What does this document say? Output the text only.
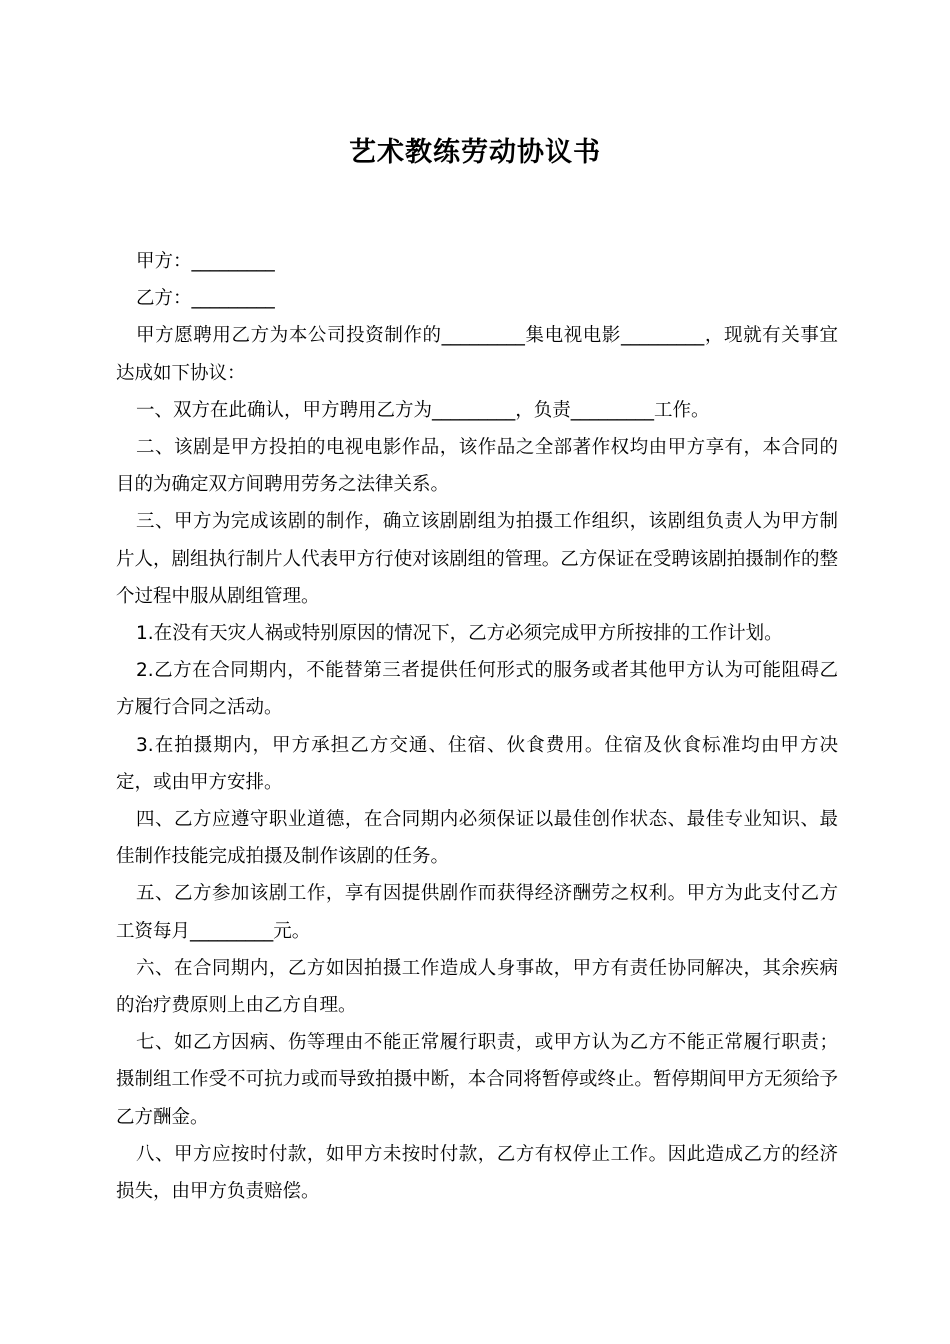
艺术教练劳动协议书

甲方：_________

乙方：_________

甲方愿聘用乙方为本公司投资制作的_________集电视电影_________，现就有关事宜达成如下协议：

一、双方在此确认，甲方聘用乙方为_________，负责_________工作。

二、该剧是甲方投拍的电视电影作品，该作品之全部著作权均由甲方享有，本合同的目的为确定双方间聘用劳务之法律关系。

三、甲方为完成该剧的制作，确立该剧剧组为拍摄工作组织，该剧组负责人为甲方制片人，剧组执行制片人代表甲方行使对该剧组的管理。乙方保证在受聘该剧拍摄制作的整个过程中服从剧组管理。

1.在没有天灾人祸或特别原因的情况下，乙方必须完成甲方所按排的工作计划。

2.乙方在合同期内，不能替第三者提供任何形式的服务或者其他甲方认为可能阻碍乙方履行合同之活动。

3.在拍摄期内，甲方承担乙方交通、住宿、伙食费用。住宿及伙食标准均由甲方决定，或由甲方安排。

四、乙方应遵守职业道德，在合同期内必须保证以最佳创作状态、最佳专业知识、最佳制作技能完成拍摄及制作该剧的任务。

五、乙方参加该剧工作，享有因提供剧作而获得经济酬劳之权利。甲方为此支付乙方工资每月_________元。

六、在合同期内，乙方如因拍摄工作造成人身事故，甲方有责任协同解决，其余疾病的治疗费原则上由乙方自理。

七、如乙方因病、伤等理由不能正常履行职责，或甲方认为乙方不能正常履行职责；摄制组工作受不可抗力或而导致拍摄中断，本合同将暂停或终止。暂停期间甲方无须给予乙方酬金。

八、甲方应按时付款，如甲方未按时付款，乙方有权停止工作。因此造成乙方的经济损失，由甲方负责赔偿。
